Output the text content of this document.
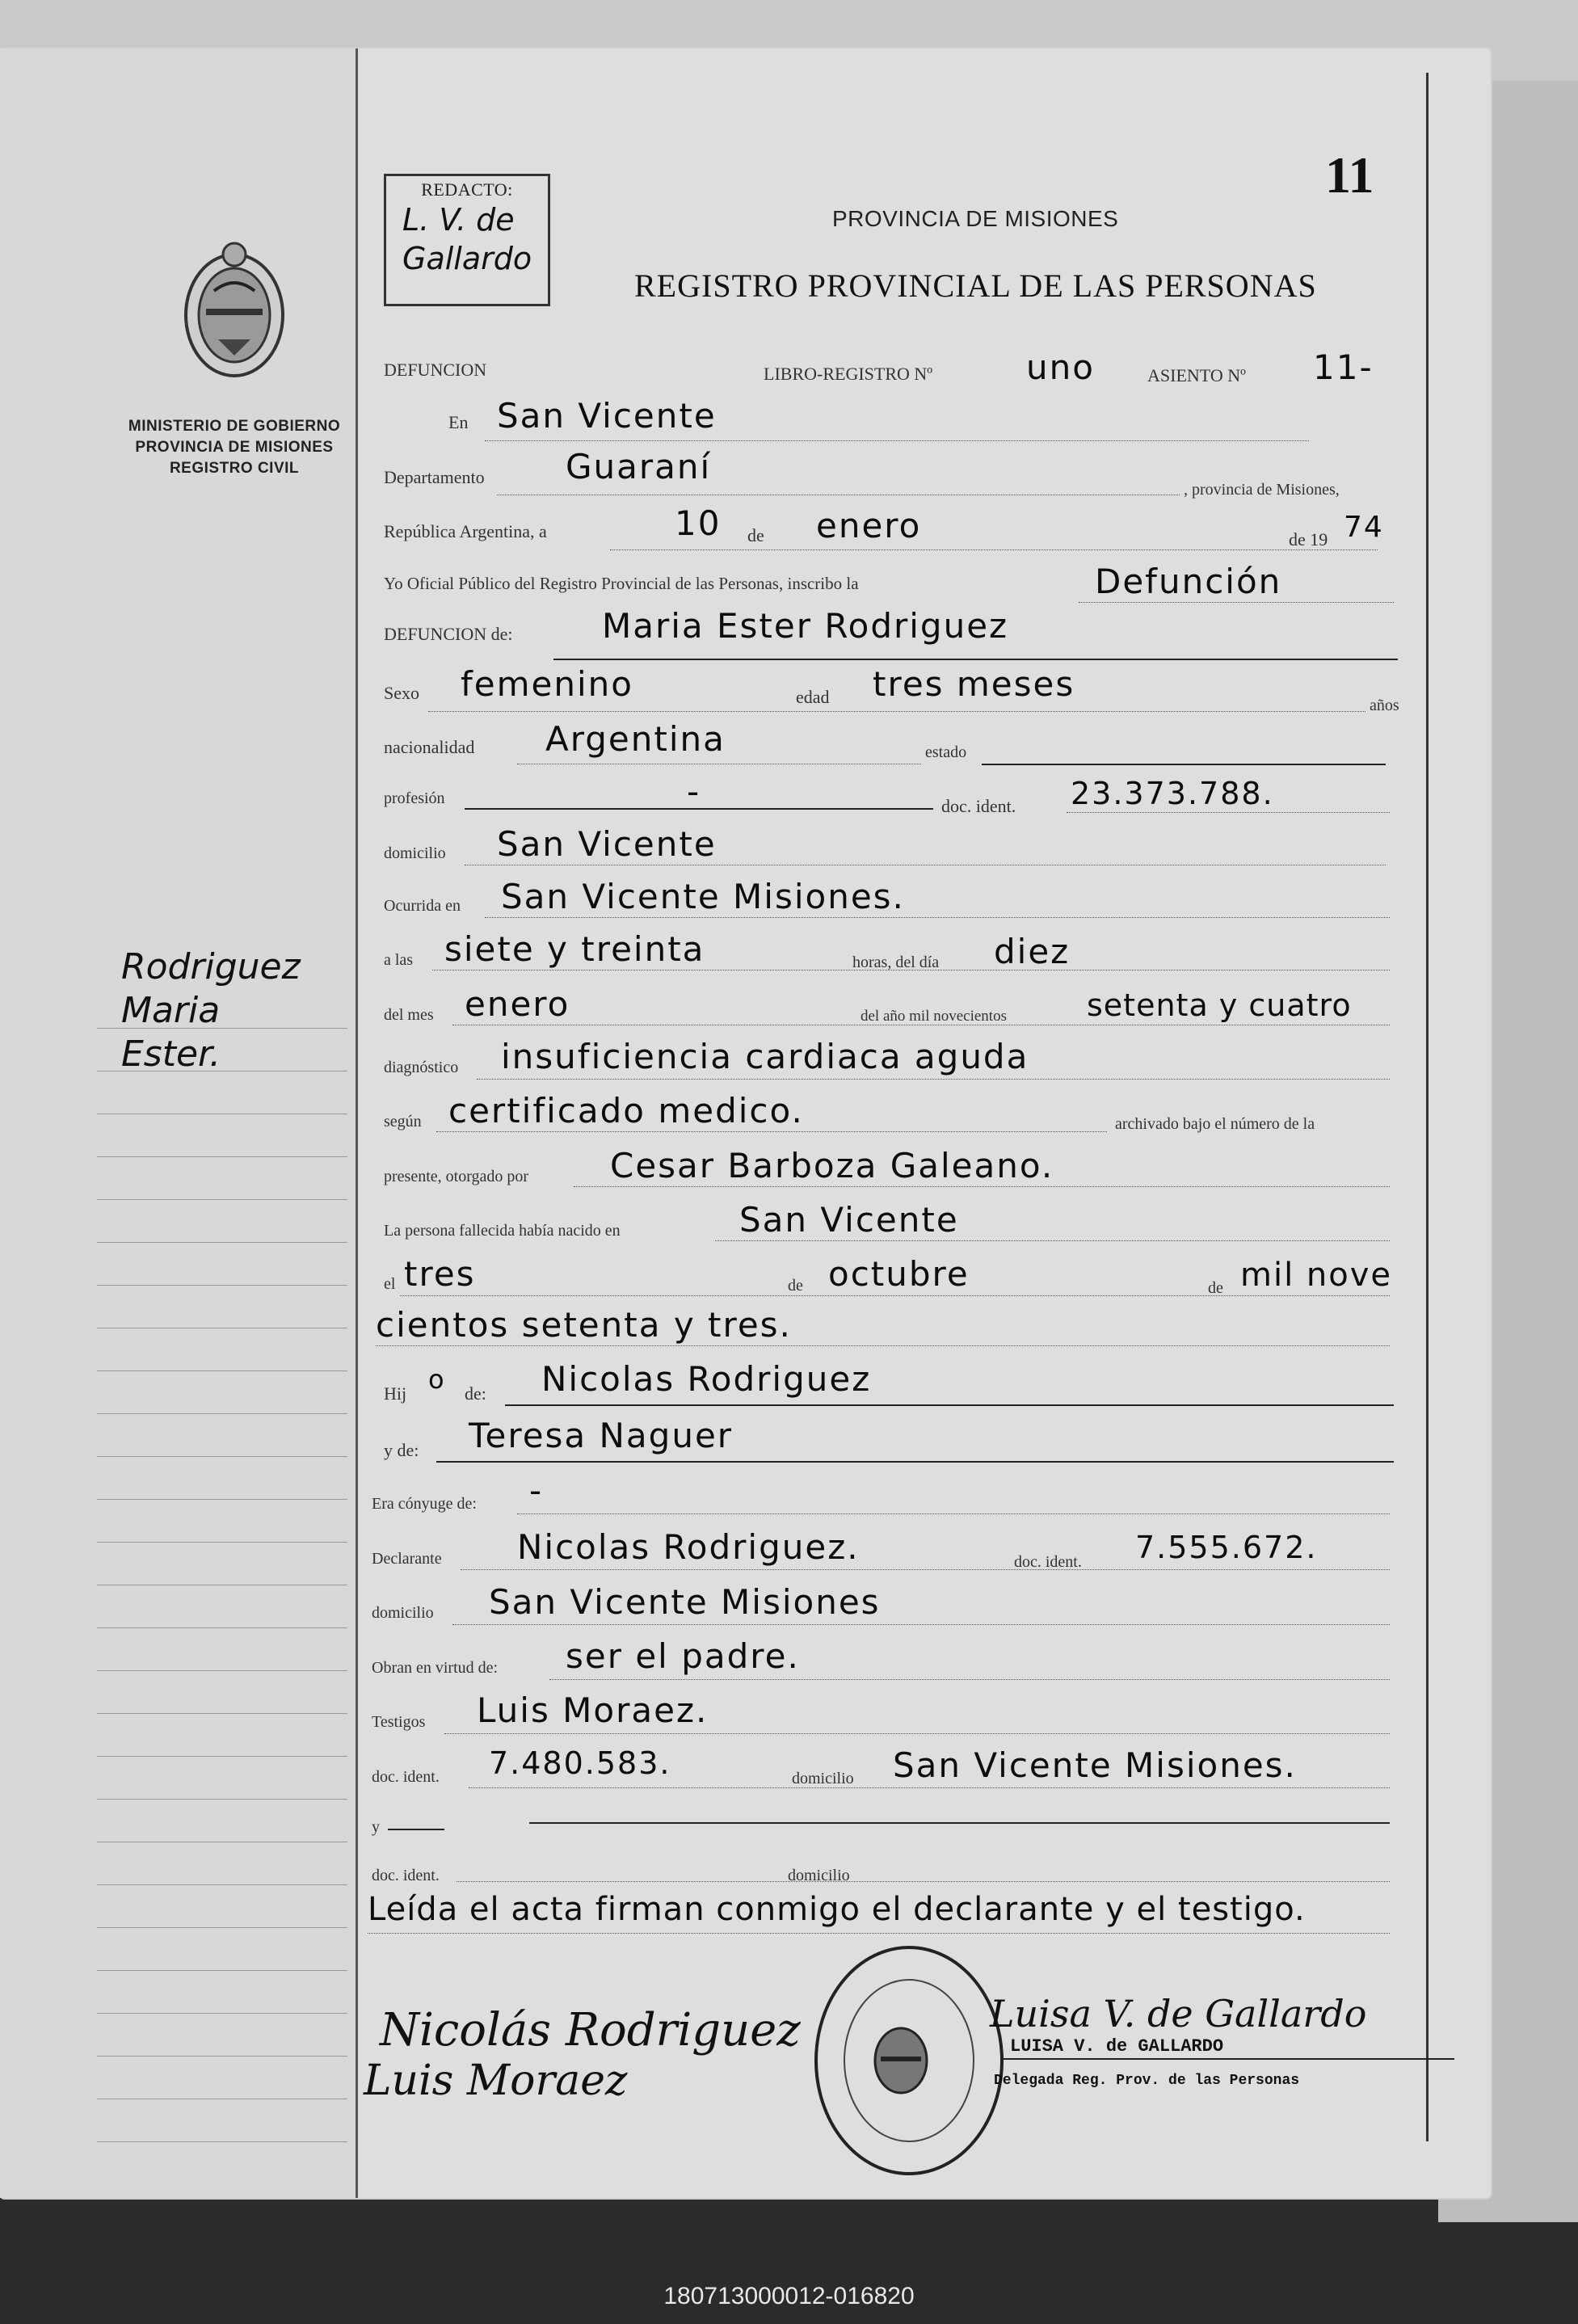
MINISTERIO DE GOBIERNO
PROVINCIA DE MISIONES
REGISTRO CIVIL
Rodriguez
Maria
Ester.
REDACTO:
L. V. de
Gallardo
11
PROVINCIA DE MISIONES
REGISTRO PROVINCIAL DE LAS PERSONAS
DEFUNCION	LIBRO-REGISTRO Nº	uno	ASIENTO Nº 11-
En San Vicente
Departamento Guaraní
, provincia de Misiones,
República Argentina, a	10 de enero	de 19 74
Yo Oficial Público del Registro Provincial de las Personas, inscribo la	Defunción
DEFUNCION de:	Maria Ester Rodriguez
Sexo femenino	edad tres meses
años
nacionalidad Argentina	estado
profesión	-	doc. ident. 23.373.788.
domicilio San Vicente
Ocurrida en San Vicente Misiones.
a las siete y treinta	horas, del día diez
del mes enero	del año mil novecientos	setenta y cuatro
diagnóstico insuficiencia cardiaca aguda
según certificado medico.	archivado bajo el número de la
presente, otorgado por Cesar Barboza Galeano.
La persona fallecida había nacido en	San Vicente
el tres	de octubre	de mil nove
cientos setenta y tres.
Hij o de: Nicolas Rodriguez
y de: Teresa Naguer
Era cónyuge de: -
Declarante Nicolas Rodriguez.	doc. ident. 7.555.672.
domicilio San Vicente Misiones
Obran en virtud de: ser el padre.
Testigos Luis Moraez.
doc. ident. 7.480.583.	domicilio San Vicente Misiones.
y
doc. ident.	domicilio
Leída el acta firman conmigo el declarante y el testigo.
Nicolás Rodriguez
Luis Moraez
Luisa V. de Gallardo
LUISA V. de GALLARDO
Delegada Reg. Prov. de las Personas
180713000012-016820
